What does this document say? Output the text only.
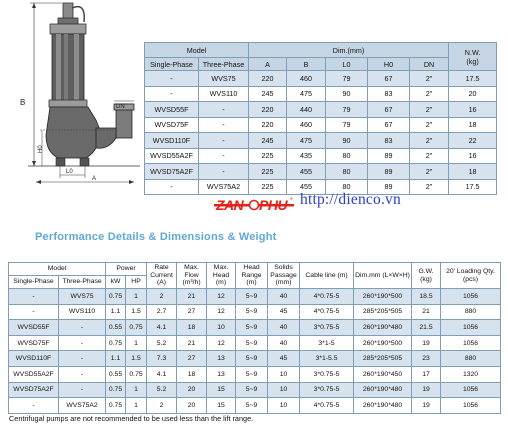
B	DN
H0
L0
A
Model		Dim.(mm)					N.W.
(kg)
Single-Phase	Three-Phase	A	B	L0	H0	DN	
-	WVS75	220	460	79	67	2"	17.5
-	WVS110	245	475	90	83	2"	20
WVSD55F	-	220	440	79	67	2"	16
WVSD75F	-	220	460	79	67	2"	18
WVSD110F	-	245	475	90	83	2"	22
WVSD55A2F	-	225	435	80	89	2"	16
WVSD75A2F	-	225	455	80	89	2"	18
-	WVS75A2	225	455	80	89	2"	17.5
ZAN PHU ® http://dienco.vn
Performance Details & Dimensions & Weight
Model		Power		Rate Current (A)	Max. Flow (m³/h)	Max. Head (m)	Head Range (m)	Solids Passage (mm)	Cable line (m)	Dim.mm (L×W×H)	G.W. (kg)	20' Loading Qty. (pcs)
Single-Phase	Three-Phase	kW	HP									
-	WVS75	0.75	1	2	21	12	5~9	40	4*0.75-5	260*190*500	18.5	1056
-	WVS110	1.1	1.5	2.7	27	12	5~9	45	4*0.75-5	285*205*505	21	880
WVSD55F	-	0.55	0.75	4.1	18	10	5~9	40	3*0.75-5	260*190*480	21.5	1056
WVSD75F	-	0.75	1	5.2	21	12	5~9	40	3*1-5	260*190*500	19	1056
WVSD110F	-	1.1	1.5	7.3	27	13	5~9	45	3*1-5.5	285*205*505	23	880
WVSD55A2F	-	0.55	0.75	4.1	18	13	5~9	10	3*0.75-5	260*190*450	17	1320
WVSD75A2F	-	0.75	1	5.2	20	15	5~9	10	3*0.75-5	260*190*480	19	1056
-	WVS75A2	0.75	1	2	20	15	5~9	10	4*0.75-5	260*190*480	19	1056
Centrifugal pumps are not recommended to be used less than the lift range.
